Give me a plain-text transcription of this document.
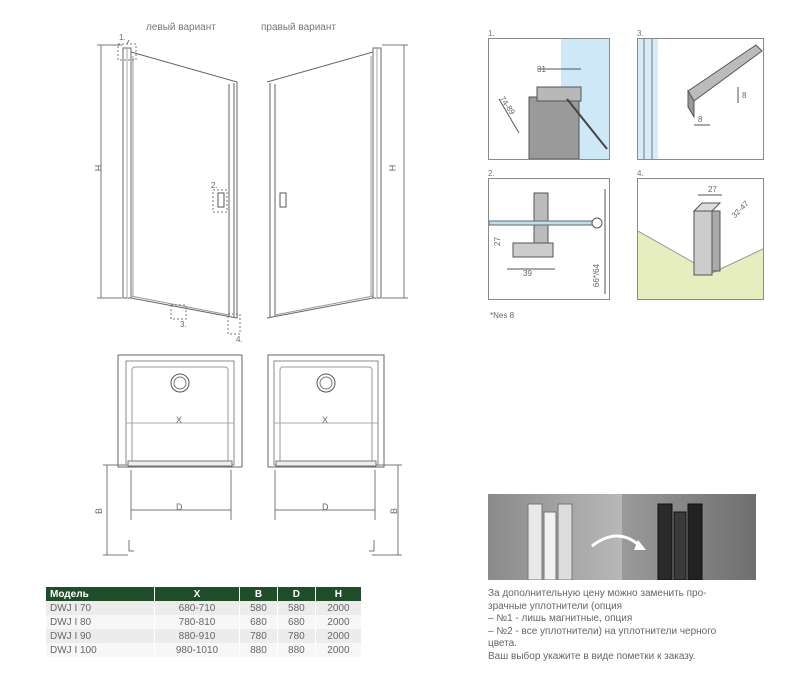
левый вариант	правый вариант
H	H
1.
2.
3.
4.
X	X
D	D
B	B
1.
31
74-89
3.
8
8
2.
27
39	66*/64
4.
27
32-47
*Nes 8
Модель	X	B	D	H
DWJ I 70	680-710	580	580	2000
DWJ I 80	780-810	680	680	2000
DWJ I 90	880-910	780	780	2000
DWJ I 100	980-1010	880	880	2000
За дополнительную цену можно заменить про-
зрачные уплотнители (опция
– №1 - лишь магнитные, опция
– №2 - все уплотнители) на уплотнители черного
цвета.
Ваш выбор укажите в виде пометки к заказу.
